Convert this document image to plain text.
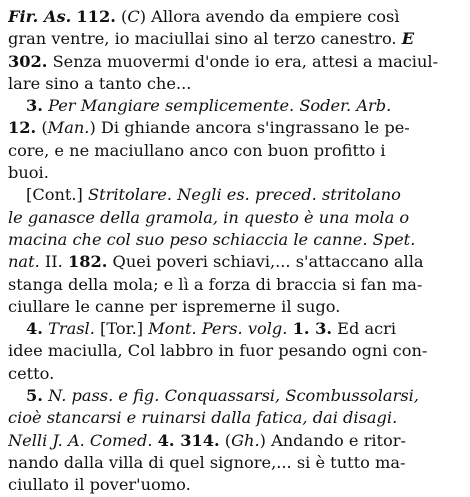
Fir. As. 112. (C) Allora avendo da empiere così
gran ventre, io maciullai sino al terzo canestro. E
302. Senza muovermi d'onde io era, attesi a maciul-
lare sino a tanto che...
3. Per Mangiare semplicemente. Soder. Arb.
12. (Man.) Di ghiande ancora s'ingrassano le pe-
core, e ne maciullano anco con buon profitto i
buoi.
[Cont.] Stritolare. Negli es. preced. stritolano
le ganasce della gramola, in questo è una mola o
macina che col suo peso schiaccia le canne. Spet.
nat. II. 182. Quei poveri schiavi,... s'attaccano alla
stanga della mola; e lì a forza di braccia si fan ma-
ciullare le canne per ispremerne il sugo.
4. Trasl. [Tor.] Mont. Pers. volg. 1. 3. Ed acri
idee maciulla, Col labbro in fuor pesando ogni con-
cetto.
5. N. pass. e fig. Conquassarsi, Scombussolarsi,
cioè stancarsi e ruinarsi dalla fatica, dai disagi.
Nelli J. A. Comed. 4. 314. (Gh.) Andando e ritor-
nando dalla villa di quel signore,... si è tutto ma-
ciullato il pover'uomo.
